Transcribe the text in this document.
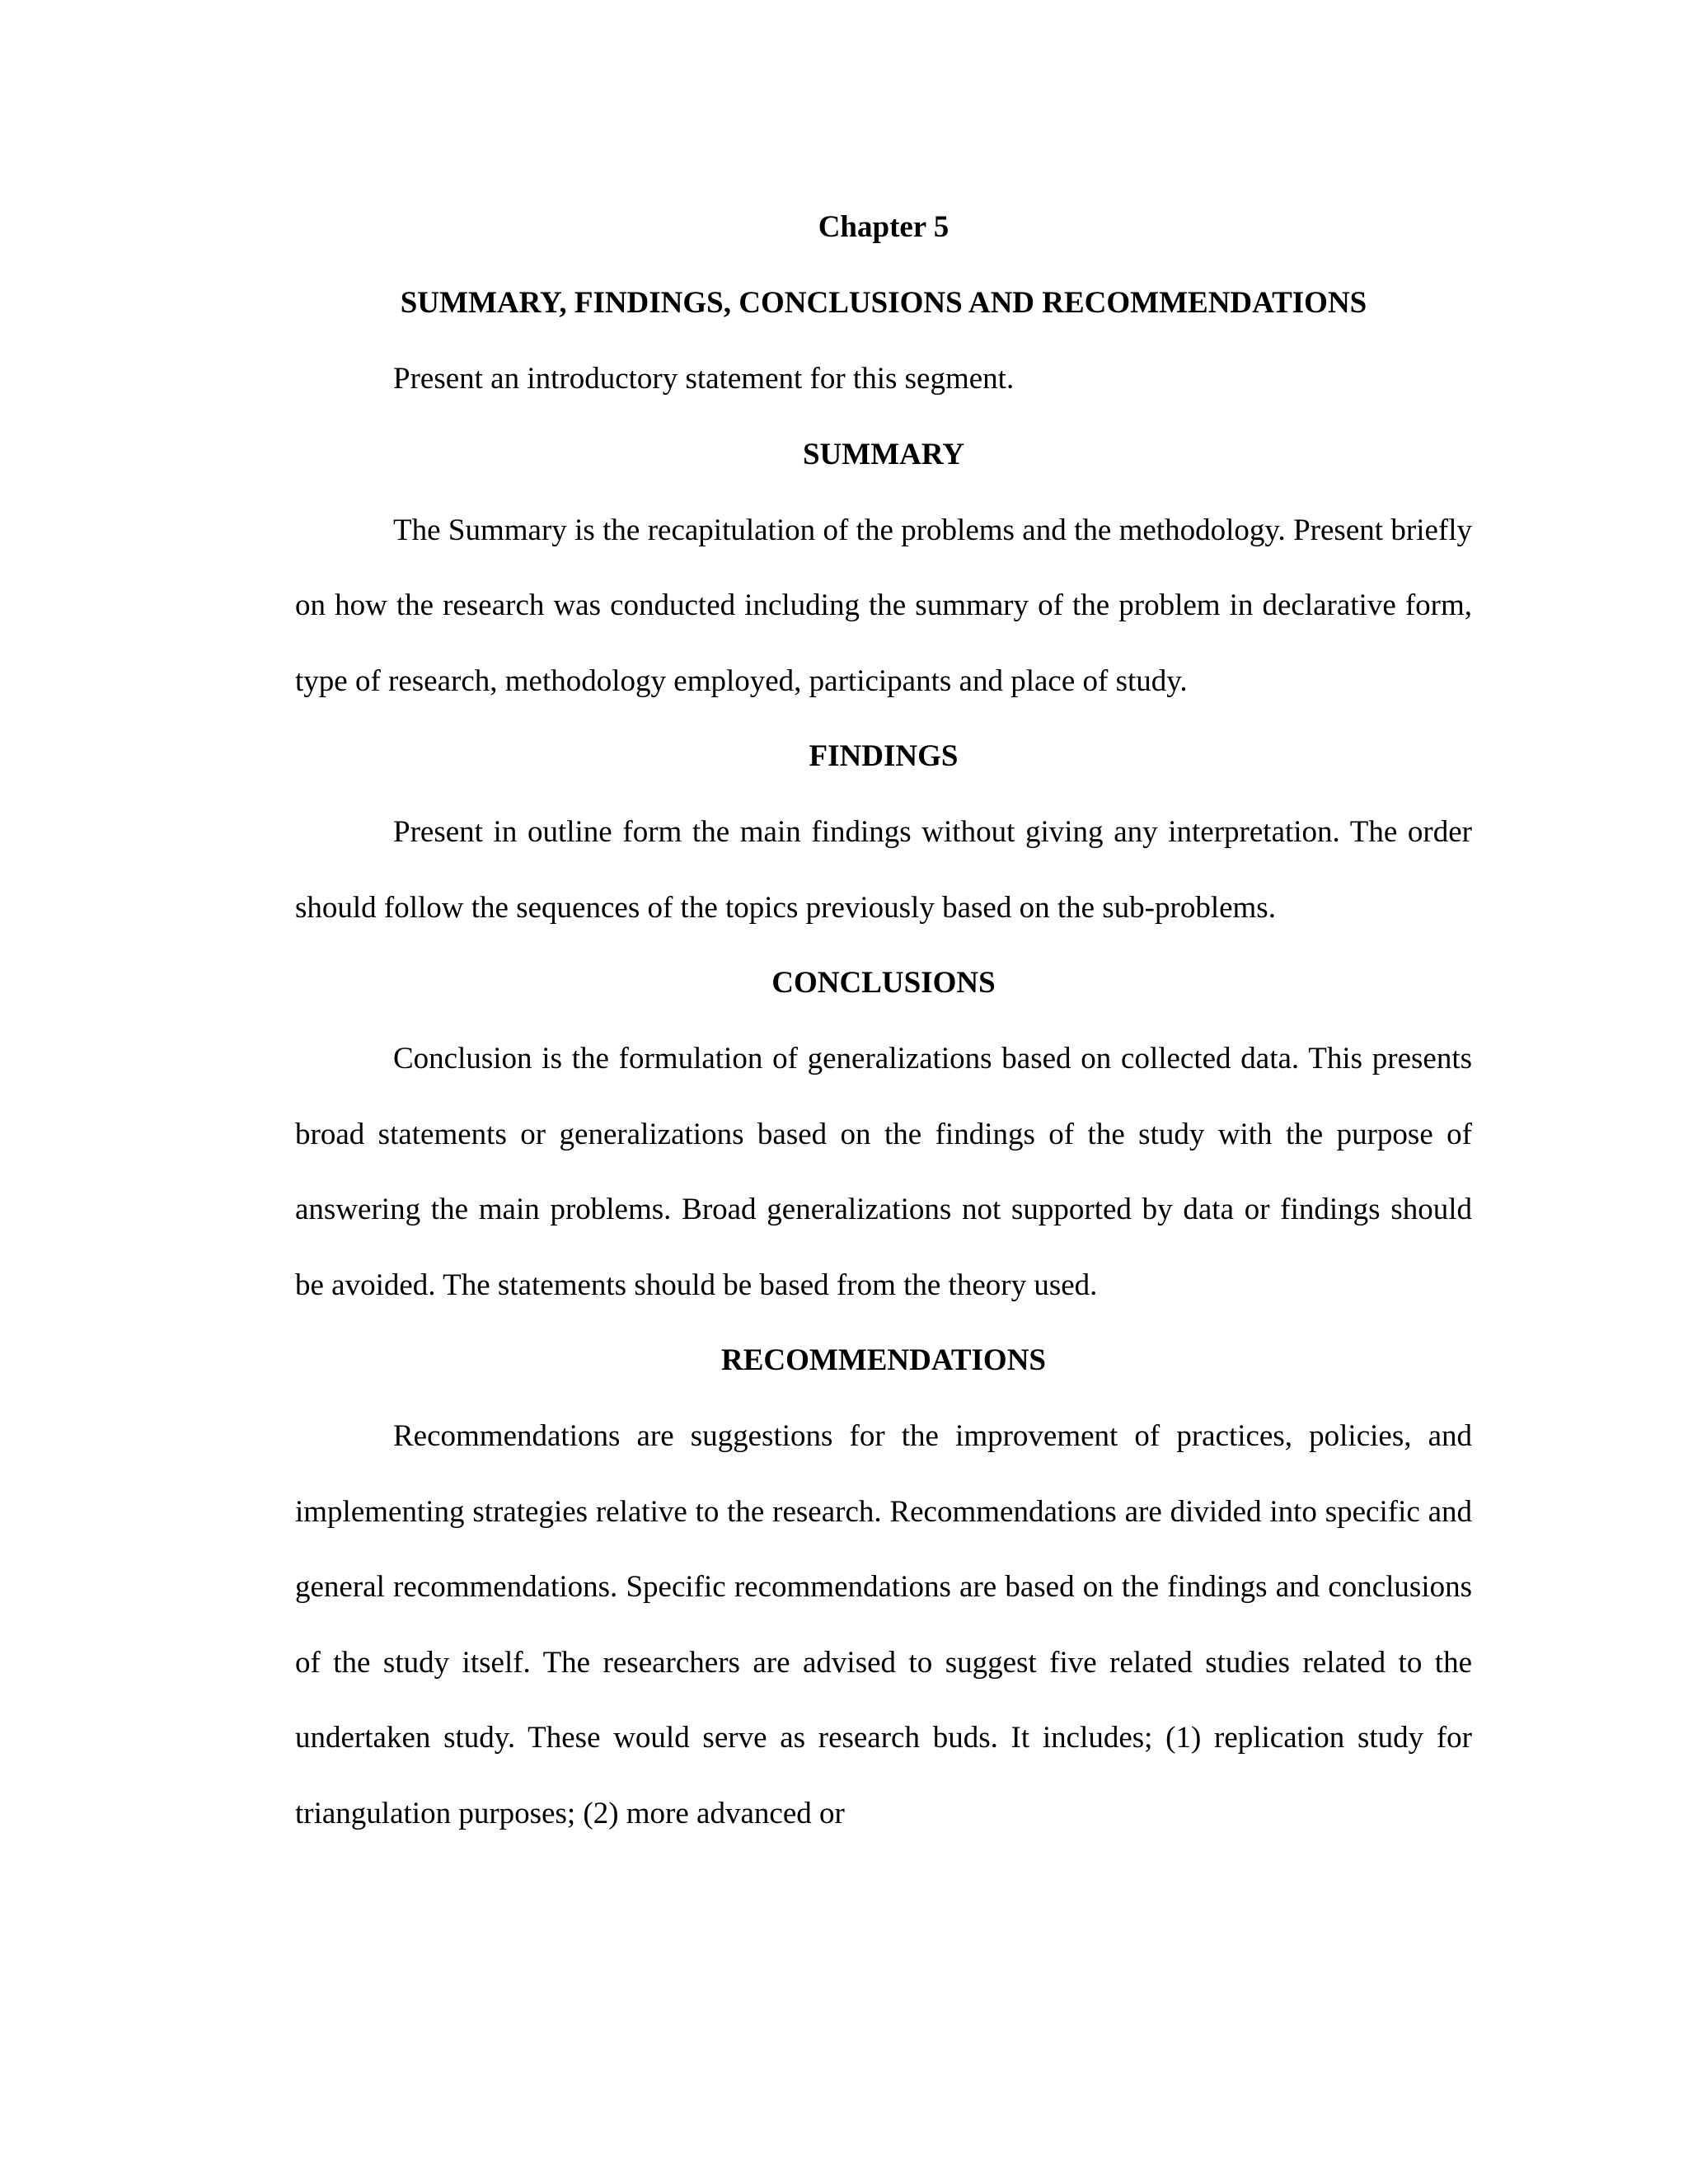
Chapter 5
SUMMARY, FINDINGS, CONCLUSIONS AND RECOMMENDATIONS

Present an introductory statement for this segment.

SUMMARY

The Summary is the recapitulation of the problems and the methodology. Present briefly on how the research was conducted including the summary of the problem in declarative form, type of research, methodology employed, participants and place of study.

FINDINGS

Present in outline form the main findings without giving any interpretation. The order should follow the sequences of the topics previously based on the sub-problems.

CONCLUSIONS

Conclusion is the formulation of generalizations based on collected data. This presents broad statements or generalizations based on the findings of the study with the purpose of answering the main problems. Broad generalizations not supported by data or findings should be avoided. The statements should be based from the theory used.

RECOMMENDATIONS

Recommendations are suggestions for the improvement of practices, policies, and implementing strategies relative to the research. Recommendations are divided into specific and general recommendations. Specific recommendations are based on the findings and conclusions of the study itself. The researchers are advised to suggest five related studies related to the undertaken study. These would serve as research buds. It includes; (1) replication study for triangulation purposes; (2) more advanced or
